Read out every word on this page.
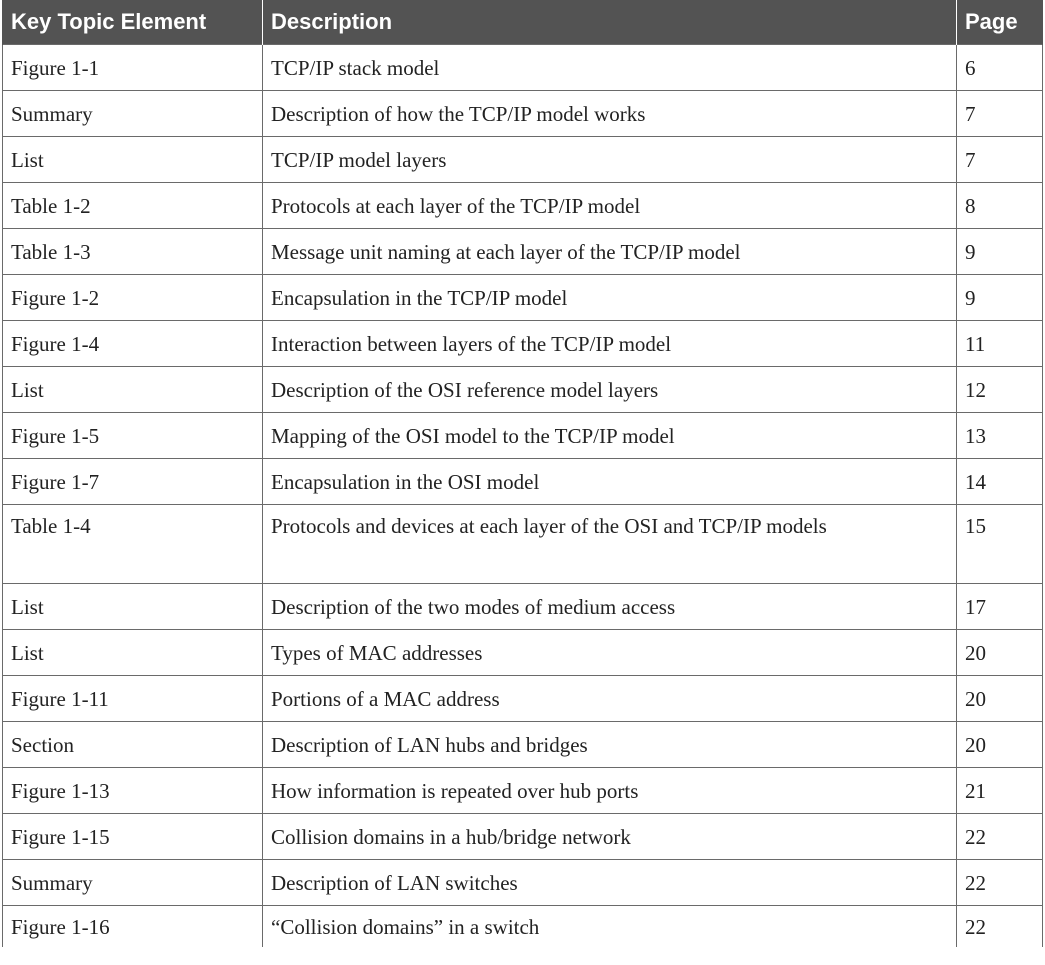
Key Topic Element	Description	Page
Figure 1-1	TCP/IP stack model	6
Summary	Description of how the TCP/IP model works	7
List	TCP/IP model layers	7
Table 1-2	Protocols at each layer of the TCP/IP model	8
Table 1-3	Message unit naming at each layer of the TCP/IP model	9
Figure 1-2	Encapsulation in the TCP/IP model	9
Figure 1-4	Interaction between layers of the TCP/IP model	11
List	Description of the OSI reference model layers	12
Figure 1-5	Mapping of the OSI model to the TCP/IP model	13
Figure 1-7	Encapsulation in the OSI model	14
Table 1-4	Protocols and devices at each layer of the OSI and TCP/IP models	15
List	Description of the two modes of medium access	17
List	Types of MAC addresses	20
Figure 1-11	Portions of a MAC address	20
Section	Description of LAN hubs and bridges	20
Figure 1-13	How information is repeated over hub ports	21
Figure 1-15	Collision domains in a hub/bridge network	22
Summary	Description of LAN switches	22
Figure 1-16	“Collision domains” in a switch	22
